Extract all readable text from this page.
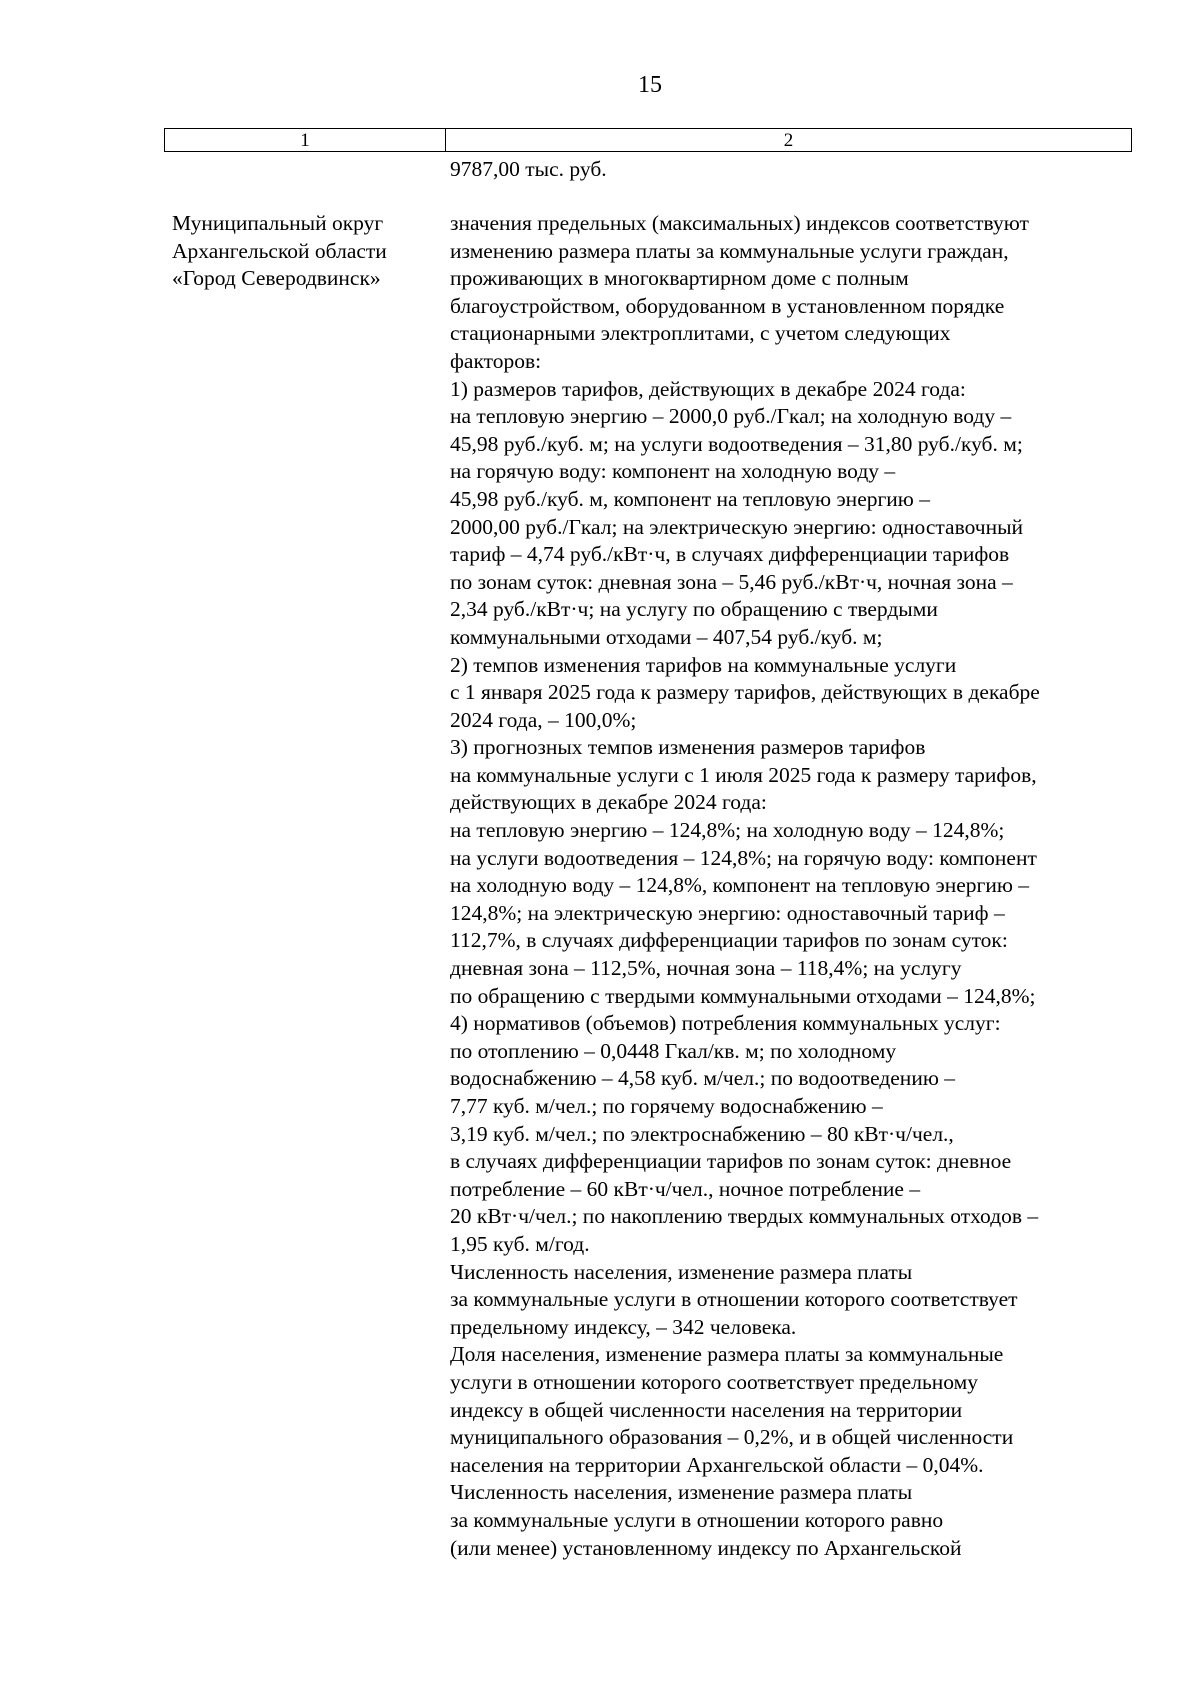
15
1	2
9787,00 тыс. руб.
Муниципальный округ
Архангельской области
«Город Северодвинск»
значения предельных (максимальных) индексов соответствуют
изменению размера платы за коммунальные услуги граждан,
проживающих в многоквартирном доме с полным
благоустройством, оборудованном в установленном порядке
стационарными электроплитами, с учетом следующих
факторов:
1) размеров тарифов, действующих в декабре 2024 года:
на тепловую энергию – 2000,0 руб./Гкал; на холодную воду –
45,98 руб./куб. м; на услуги водоотведения – 31,80 руб./куб. м;
на горячую воду: компонент на холодную воду –
45,98 руб./куб. м, компонент на тепловую энергию –
2000,00 руб./Гкал; на электрическую энергию: одноставочный
тариф – 4,74 руб./кВт·ч, в случаях дифференциации тарифов
по зонам суток: дневная зона – 5,46 руб./кВт·ч, ночная зона –
2,34 руб./кВт·ч; на услугу по обращению с твердыми
коммунальными отходами – 407,54 руб./куб. м;
2) темпов изменения тарифов на коммунальные услуги
с 1 января 2025 года к размеру тарифов, действующих в декабре
2024 года, – 100,0%;
3) прогнозных темпов изменения размеров тарифов
на коммунальные услуги с 1 июля 2025 года к размеру тарифов,
действующих в декабре 2024 года:
на тепловую энергию – 124,8%; на холодную воду – 124,8%;
на услуги водоотведения – 124,8%; на горячую воду: компонент
на холодную воду – 124,8%, компонент на тепловую энергию –
124,8%; на электрическую энергию: одноставочный тариф –
112,7%, в случаях дифференциации тарифов по зонам суток:
дневная зона – 112,5%, ночная зона – 118,4%; на услугу
по обращению с твердыми коммунальными отходами – 124,8%;
4) нормативов (объемов) потребления коммунальных услуг:
по отоплению – 0,0448 Гкал/кв. м; по холодному
водоснабжению – 4,58 куб. м/чел.; по водоотведению –
7,77 куб. м/чел.; по горячему водоснабжению –
3,19 куб. м/чел.; по электроснабжению – 80 кВт·ч/чел.,
в случаях дифференциации тарифов по зонам суток: дневное
потребление – 60 кВт·ч/чел., ночное потребление –
20 кВт·ч/чел.; по накоплению твердых коммунальных отходов –
1,95 куб. м/год.
Численность населения, изменение размера платы
за коммунальные услуги в отношении которого соответствует
предельному индексу, – 342 человека.
Доля населения, изменение размера платы за коммунальные
услуги в отношении которого соответствует предельному
индексу в общей численности населения на территории
муниципального образования – 0,2%, и в общей численности
населения на территории Архангельской области – 0,04%.
Численность населения, изменение размера платы
за коммунальные услуги в отношении которого равно
(или менее) установленному индексу по Архангельской
